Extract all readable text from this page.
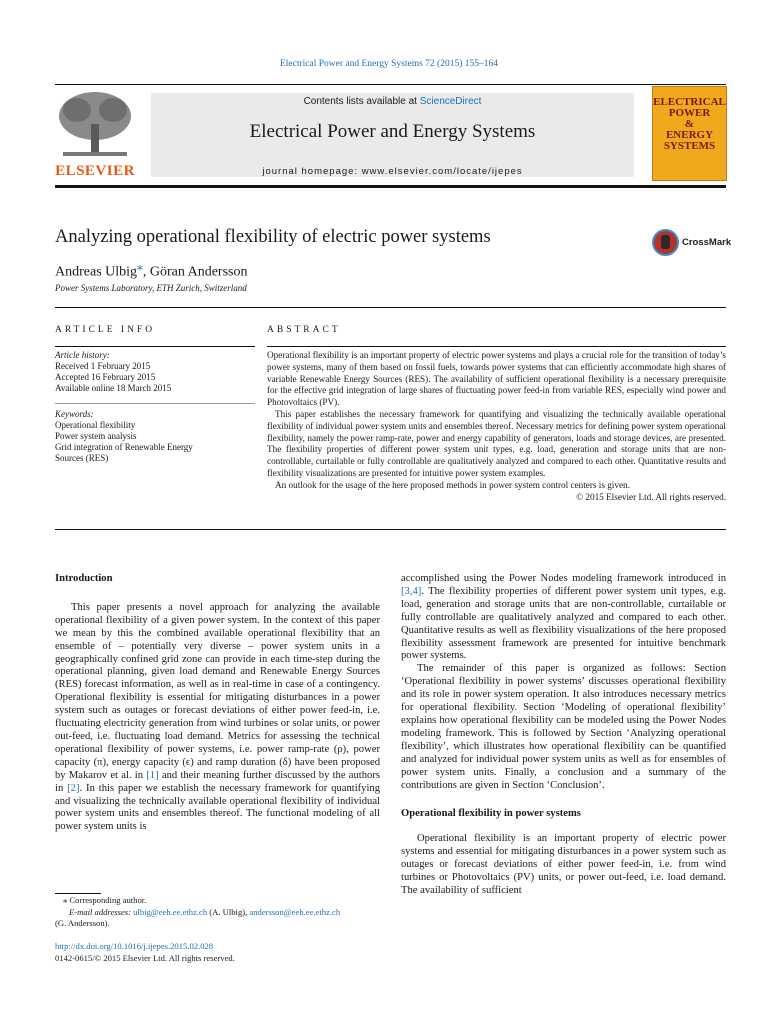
Electrical Power and Energy Systems 72 (2015) 155–164
ELSEVIER
Contents lists available at ScienceDirect
Electrical Power and Energy Systems
journal homepage: www.elsevier.com/locate/ijepes
ELECTRICAL
POWER
&
ENERGY
SYSTEMS
Analyzing operational flexibility of electric power systems	CrossMark
Andreas Ulbig⁎, Göran Andersson
Power Systems Laboratory, ETH Zurich, Switzerland
ARTICLE INFO	ABSTRACT
Article history:
Received 1 February 2015
Accepted 16 February 2015
Available online 18 March 2015
Keywords:
Operational flexibility
Power system analysis
Grid integration of Renewable Energy
Sources (RES)

Operational flexibility is an important property of electric power systems and plays a crucial role for the transition of today’s power systems, many of them based on fossil fuels, towards power systems that can efficiently accommodate high shares of variable Renewable Energy Sources (RES). The availability of sufficient operational flexibility is a necessary prerequisite for the effective grid integration of large shares of fluctuating power feed-in from variable RES, especially wind power and Photovoltaics (PV).

This paper establishes the necessary framework for quantifying and visualizing the technically available operational flexibility of individual power system units and ensembles thereof. Necessary metrics for defining power system operational flexibility, namely the power ramp-rate, power and energy capability of generators, loads and storage devices, are presented. The flexibility properties of different power system unit types, e.g. load, generation and storage units that are non-controllable, curtailable or fully controllable are qualitatively analyzed and compared to each other. Quantitative results and flexibility visualizations are presented for intuitive power system examples.

An outlook for the usage of the here proposed methods in power system control centers is given.

© 2015 Elsevier Ltd. All rights reserved.

Introduction

This paper presents a novel approach for analyzing the available operational flexibility of a given power system. In the context of this paper we mean by this the combined available operational flexibility that an ensemble of – potentially very diverse – power system units in a geographically confined grid zone can provide in each time-step during the operational planning, given load demand and Renewable Energy Sources (RES) forecast information, as well as in real-time in case of a contingency. Operational flexibility is essential for mitigating disturbances in a power system such as outages or forecast deviations of either power feed-in, i.e. fluctuating electricity generation from wind turbines or solar units, or power out-feed, i.e. fluctuating load demand. Metrics for assessing the technical operational flexibility of power systems, i.e. power ramp-rate (ρ), power capacity (π), energy capacity (ϵ) and ramp duration (δ) have been proposed by Makarov et al. in [1] and their meaning further discussed by the authors in [2]. In this paper we establish the necessary framework for quantifying and visualizing the technically available operational flexibility of individual power system units and ensembles thereof. The functional modeling of all power system units is

accomplished using the Power Nodes modeling framework introduced in [3,4]. The flexibility properties of different power system unit types, e.g. load, generation and storage units that are non-controllable, curtailable or fully controllable are qualitatively analyzed and compared to each other. Quantitative results as well as flexibility visualizations of the here proposed flexibility assessment framework are presented for intuitive benchmark power systems.

The remainder of this paper is organized as follows: Section ‘Operational flexibility in power systems’ discusses operational flexibility and its role in power system operation. It also introduces necessary metrics for operational flexibility. Section ‘Modeling of operational flexibility’ explains how operational flexibility can be modeled using the Power Nodes modeling framework. This is followed by Section ‘Analyzing operational flexibility’, which illustrates how operational flexibility can be quantified and analyzed for individual power system units as well as for ensembles of power system units. Finally, a conclusion and a summary of the contributions are given in Section ‘Conclusion’.

Operational flexibility in power systems

Operational flexibility is an important property of electric power systems and essential for mitigating disturbances in a power system such as outages or forecast deviations of either power feed-in, i.e. from wind turbines or Photovoltaics (PV) units, or power out-feed, i.e. load demand. The availability of sufficient

⁎ Corresponding author.
E-mail addresses: ulbig@eeh.ee.ethz.ch (A. Ulbig), andersson@eeh.ee.ethz.ch
(G. Andersson).
http://dx.doi.org/10.1016/j.ijepes.2015.02.028
0142-0615/© 2015 Elsevier Ltd. All rights reserved.
